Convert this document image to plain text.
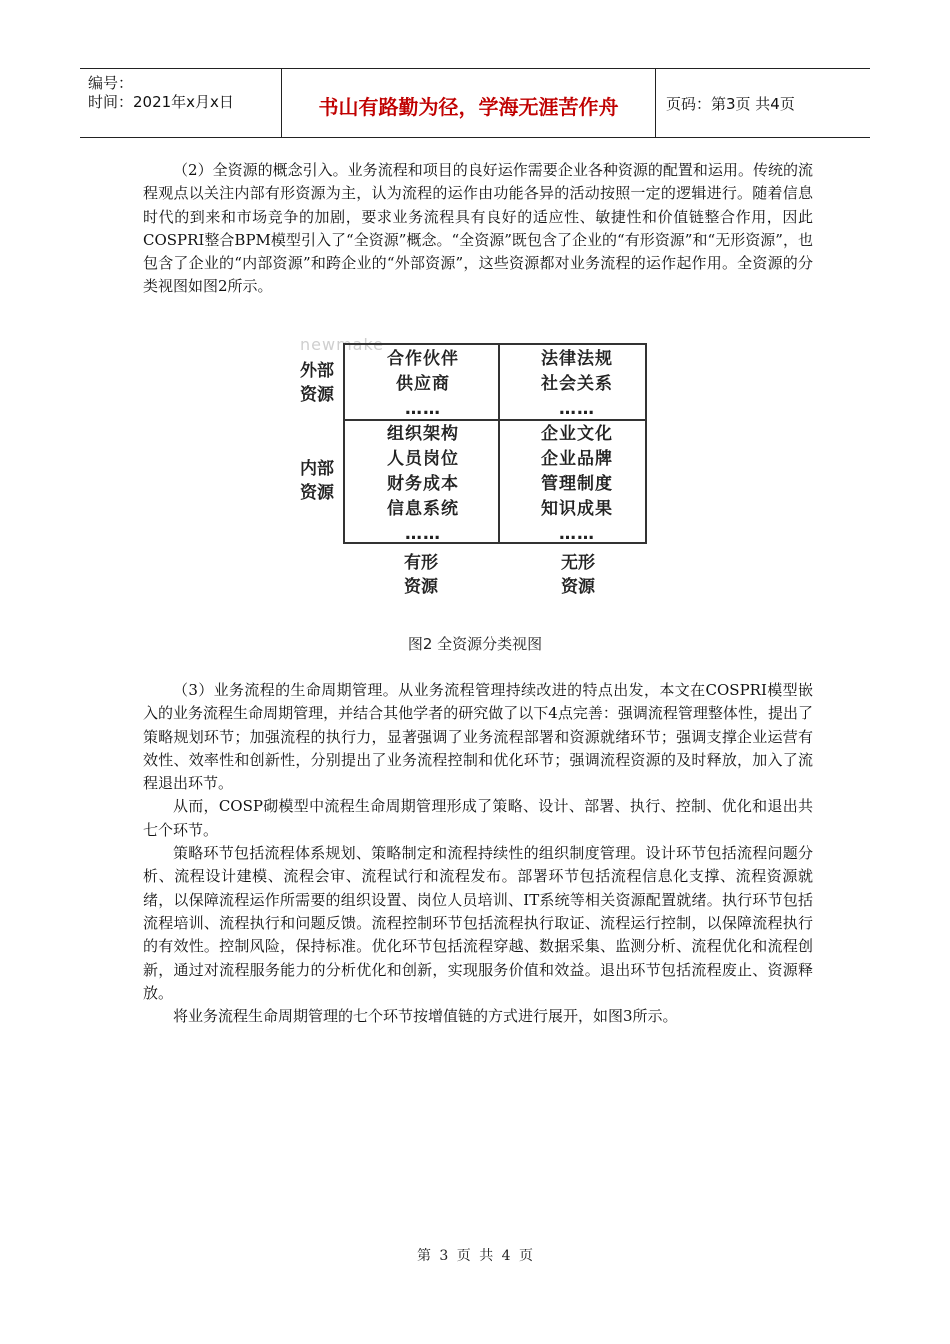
编号：
时间：2021年x月x日	书山有路勤为径，学海无涯苦作舟	页码：第3页 共4页

（2）全资源的概念引入。业务流程和项目的良好运作需要企业各种资源的配置和运用。传统的流程观点以关注内部有形资源为主，认为流程的运作由功能各异的活动按照一定的逻辑进行。随着信息时代的到来和市场竞争的加剧，要求业务流程具有良好的适应性、敏捷性和价值链整合作用，因此COSPRI整合BPM模型引入了“全资源”概念。“全资源”既包含了企业的“有形资源”和“无形资源”，也包含了企业的“内部资源”和跨企业的“外部资源”，这些资源都对业务流程的运作起作用。全资源的分类视图如图2所示。

newmake
外部
资源
内部
资源
合作伙伴
供应商
……
法律法规
社会关系
……
组织架构
人员岗位
财务成本
信息系统
……
企业文化
企业品牌
管理制度
知识成果
……
有形
资源
无形
资源
图2 全资源分类视图

（3）业务流程的生命周期管理。从业务流程管理持续改进的特点出发，本文在COSPRI模型嵌入的业务流程生命周期管理，并结合其他学者的研究做了以下4点完善：强调流程管理整体性，提出了策略规划环节；加强流程的执行力，显著强调了业务流程部署和资源就绪环节；强调支撑企业运营有效性、效率性和创新性，分别提出了业务流程控制和优化环节；强调流程资源的及时释放，加入了流程退出环节。

从而，COSP砌模型中流程生命周期管理形成了策略、设计、部署、执行、控制、优化和退出共七个环节。

策略环节包括流程体系规划、策略制定和流程持续性的组织制度管理。设计环节包括流程问题分析、流程设计建模、流程会审、流程试行和流程发布。部署环节包括流程信息化支撑、流程资源就绪，以保障流程运作所需要的组织设置、岗位人员培训、IT系统等相关资源配置就绪。执行环节包括流程培训、流程执行和问题反馈。流程控制环节包括流程执行取证、流程运行控制，以保障流程执行的有效性。控制风险，保持标准。优化环节包括流程穿越、数据采集、监测分析、流程优化和流程创新，通过对流程服务能力的分析优化和创新，实现服务价值和效益。退出环节包括流程废止、资源释放。

将业务流程生命周期管理的七个环节按增值链的方式进行展开，如图3所示。

第 3 页 共 4 页
